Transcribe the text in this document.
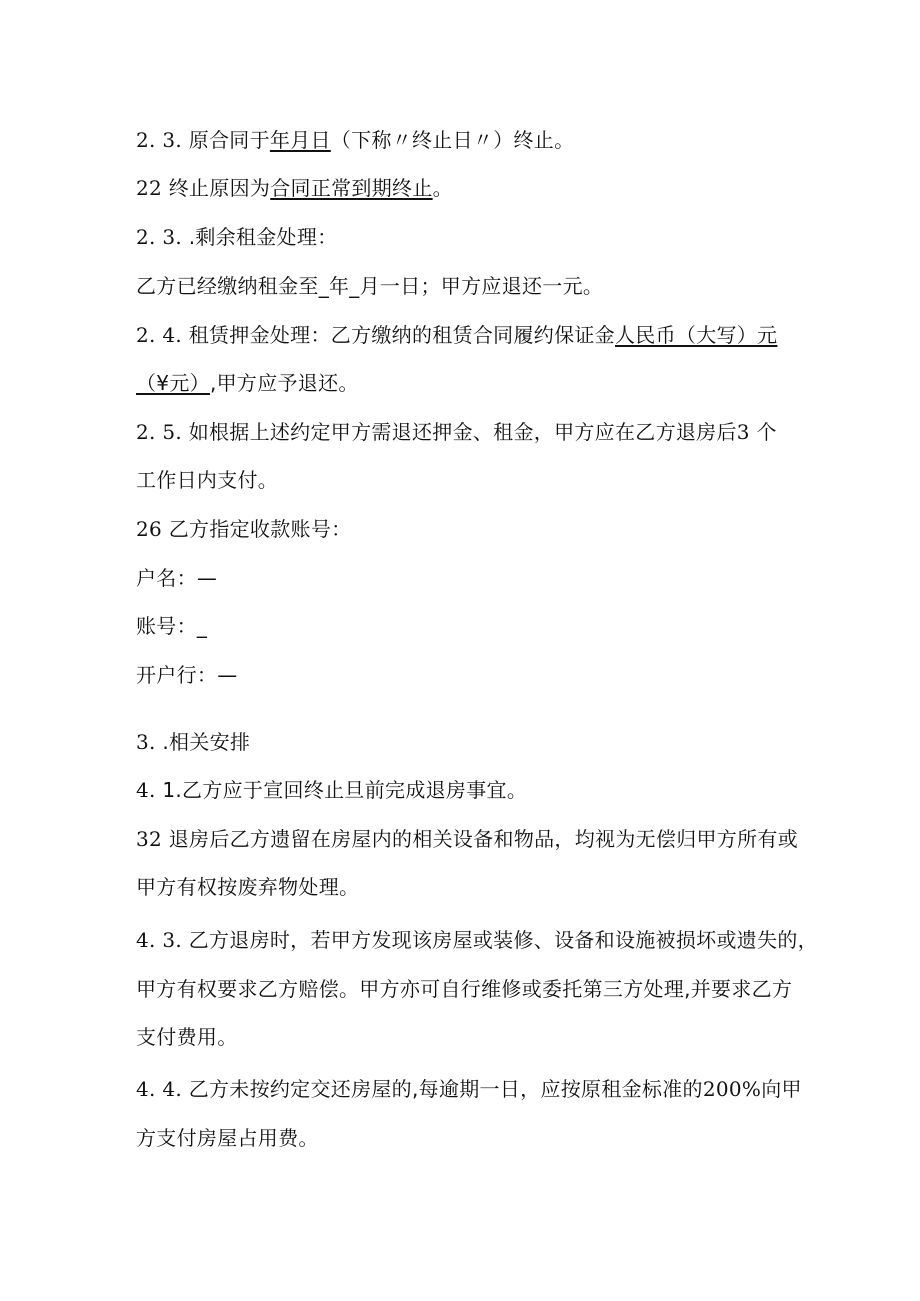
2. 3. 原合同于年月日（下称〃终止日〃）终止。
22 终止原因为合同正常到期终止。
2. 3. .剩余租金处理：
乙方已经缴纳租金至_年_月一日；甲方应退还一元。
2. 4. 租赁押金处理：乙方缴纳的租赁合同履约保证金人民币（大写）元
（¥元）,甲方应予退还。
2. 5. 如根据上述约定甲方需退还押金、租金，甲方应在乙方退房后3 个
工作日内支付。
26 乙方指定收款账号：
户名：—
账号：_
开户行：—
3. .相关安排
4. 1.乙方应于宣回终止旦前完成退房事宜。
32 退房后乙方遗留在房屋内的相关设备和物品，均视为无偿归甲方所有或
甲方有权按废弃物处理。
4. 3. 乙方退房时，若甲方发现该房屋或装修、设备和设施被损坏或遗失的，
甲方有权要求乙方赔偿。甲方亦可自行维修或委托第三方处理,并要求乙方
支付费用。
4. 4. 乙方未按约定交还房屋的,每逾期一日，应按原租金标准的200%向甲
方支付房屋占用费。
